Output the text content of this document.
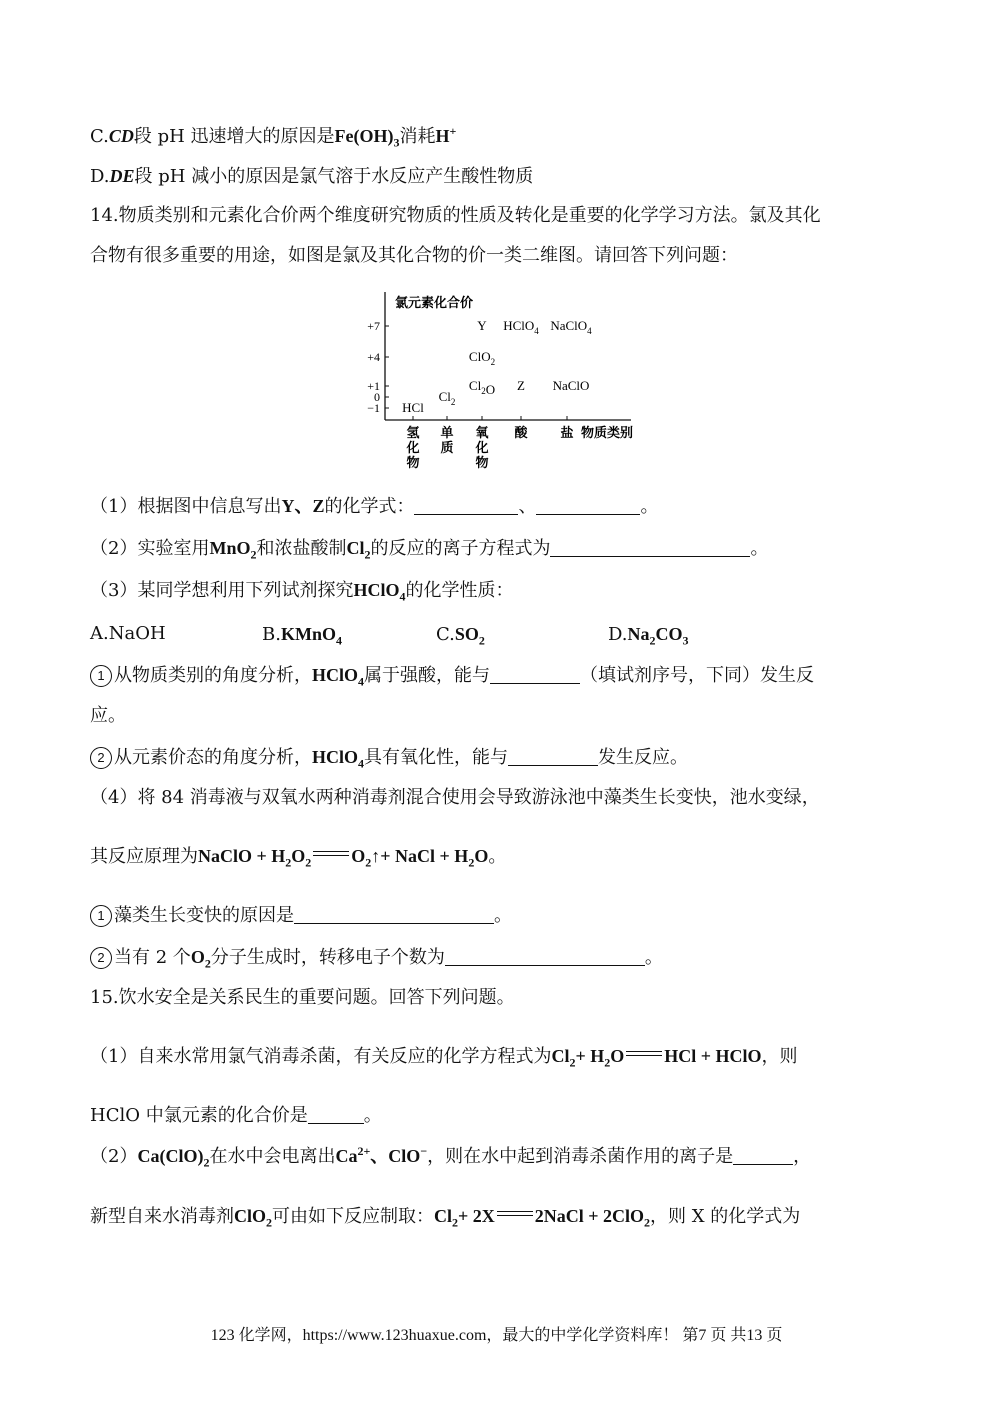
C.CD段 pH 迅速增大的原因是$Fe(OH)_3$消耗H+
D.DE段 pH 减小的原因是氯气溶于水反应产生酸性物质
14.物质类别和元素化合价两个维度研究物质的性质及转化是重要的化学学习方法。氯及其化
合物有很多重要的用途，如图是氯及其化合物的价一类二维图。请回答下列问题：
氯元素化合价
+7
+4
+1
0
−1
氢化物
单质
氧化物
酸	盐 物质类别
Y HClO$_4$ NaClO$_4$
ClO$_2$
$Cl_2O$ Z NaClO
$Cl_2$
HCl
（1）根据图中信息写出Y、Z的化学式：	、	。
（2）实验室用MnO$_2$和浓盐酸制$Cl_2$的反应的离子方程式为	。
（3）某同学想利用下列试剂探究HClO$_4$的化学性质：
A.NaOH	B.KMnO$_4$	$C.SO_2$	$D.Na_2CO_3$
1 从物质类别的角度分析，HClO$_4$属于强酸，能与	（填试剂序号，下同）发生反
应。
2 从元素价态的角度分析，HClO$_4$具有氧化性，能与	发生反应。
（4）将 84 消毒液与双氧水两种消毒剂混合使用会导致游泳池中藻类生长变快，池水变绿，
其反应原理为NaClO + $H_2O_2$ $O_2↑+$ NaCl + $H_2O$。
1 藻类生长变快的原因是	。
2 当有 2 个$O_2$分子生成时，转移电子个数为	。
15.饮水安全是关系民生的重要问题。回答下列问题。
（1）自来水常用氯气消毒杀菌，有关反应的化学方程式为$Cl_2+ H_2O$ HCl + HClO，则
HClO 中氯元素的化合价是	。
$(2)Ca(ClO)_2$在水中会电离出$Ca^{2+}$、ClO−，则在水中起到消毒杀菌作用的离子是	，
新型自来水消毒剂ClO$_2$可由如下反应制取：$Cl_2+ 2X$ 2NaCl + 2ClO$_2$，则 X 的化学式为
123 化学网，https://www.123huaxue.com，最大的中学化学资料库！ 第7 页 共13 页
